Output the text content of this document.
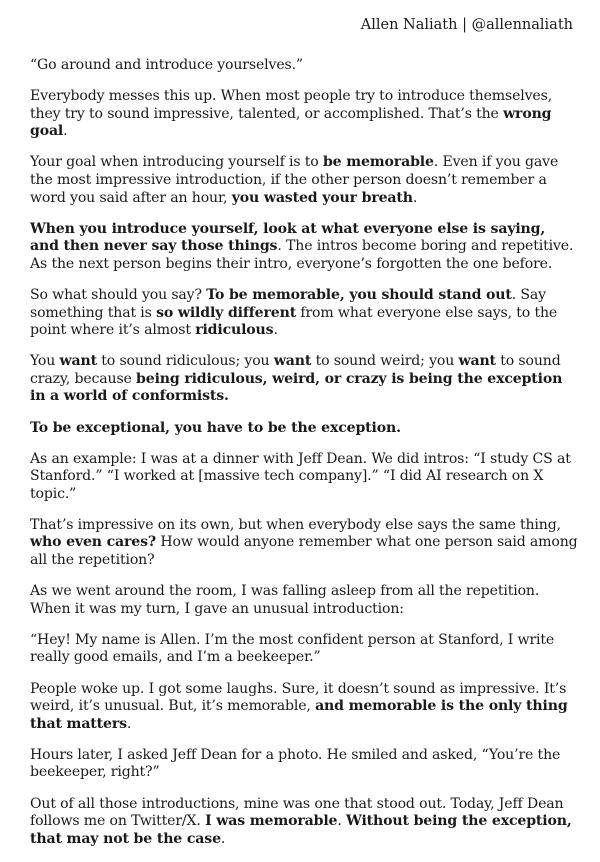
Allen Naliath | @allennaliath

“Go around and introduce yourselves.”

Everybody messes this up. When most people try to introduce themselves, they try to sound impressive, talented, or accomplished. That’s the wrong goal.

Your goal when introducing yourself is to be memorable. Even if you gave the most impressive introduction, if the other person doesn’t remember a word you said after an hour, you wasted your breath.

When you introduce yourself, look at what everyone else is saying, and then never say those things. The intros become boring and repetitive. As the next person begins their intro, everyone’s forgotten the one before.

So what should you say? To be memorable, you should stand out. Say something that is so wildly different from what everyone else says, to the point where it’s almost ridiculous.

You want to sound ridiculous; you want to sound weird; you want to sound crazy, because being ridiculous, weird, or crazy is being the exception in a world of conformists.

To be exceptional, you have to be the exception.

As an example: I was at a dinner with Jeff Dean. We did intros: “I study CS at Stanford.” “I worked at [massive tech company].” “I did AI research on X topic.”

That’s impressive on its own, but when everybody else says the same thing, who even cares? How would anyone remember what one person said among all the repetition?

As we went around the room, I was falling asleep from all the repetition. When it was my turn, I gave an unusual introduction:

“Hey! My name is Allen. I’m the most confident person at Stanford, I write really good emails, and I’m a beekeeper.”

People woke up. I got some laughs. Sure, it doesn’t sound as impressive. It’s weird, it’s unusual. But, it’s memorable, and memorable is the only thing that matters.

Hours later, I asked Jeff Dean for a photo. He smiled and asked, “You’re the beekeeper, right?”

Out of all those introductions, mine was one that stood out. Today, Jeff Dean follows me on Twitter/X. I was memorable. Without being the exception, that may not be the case.
